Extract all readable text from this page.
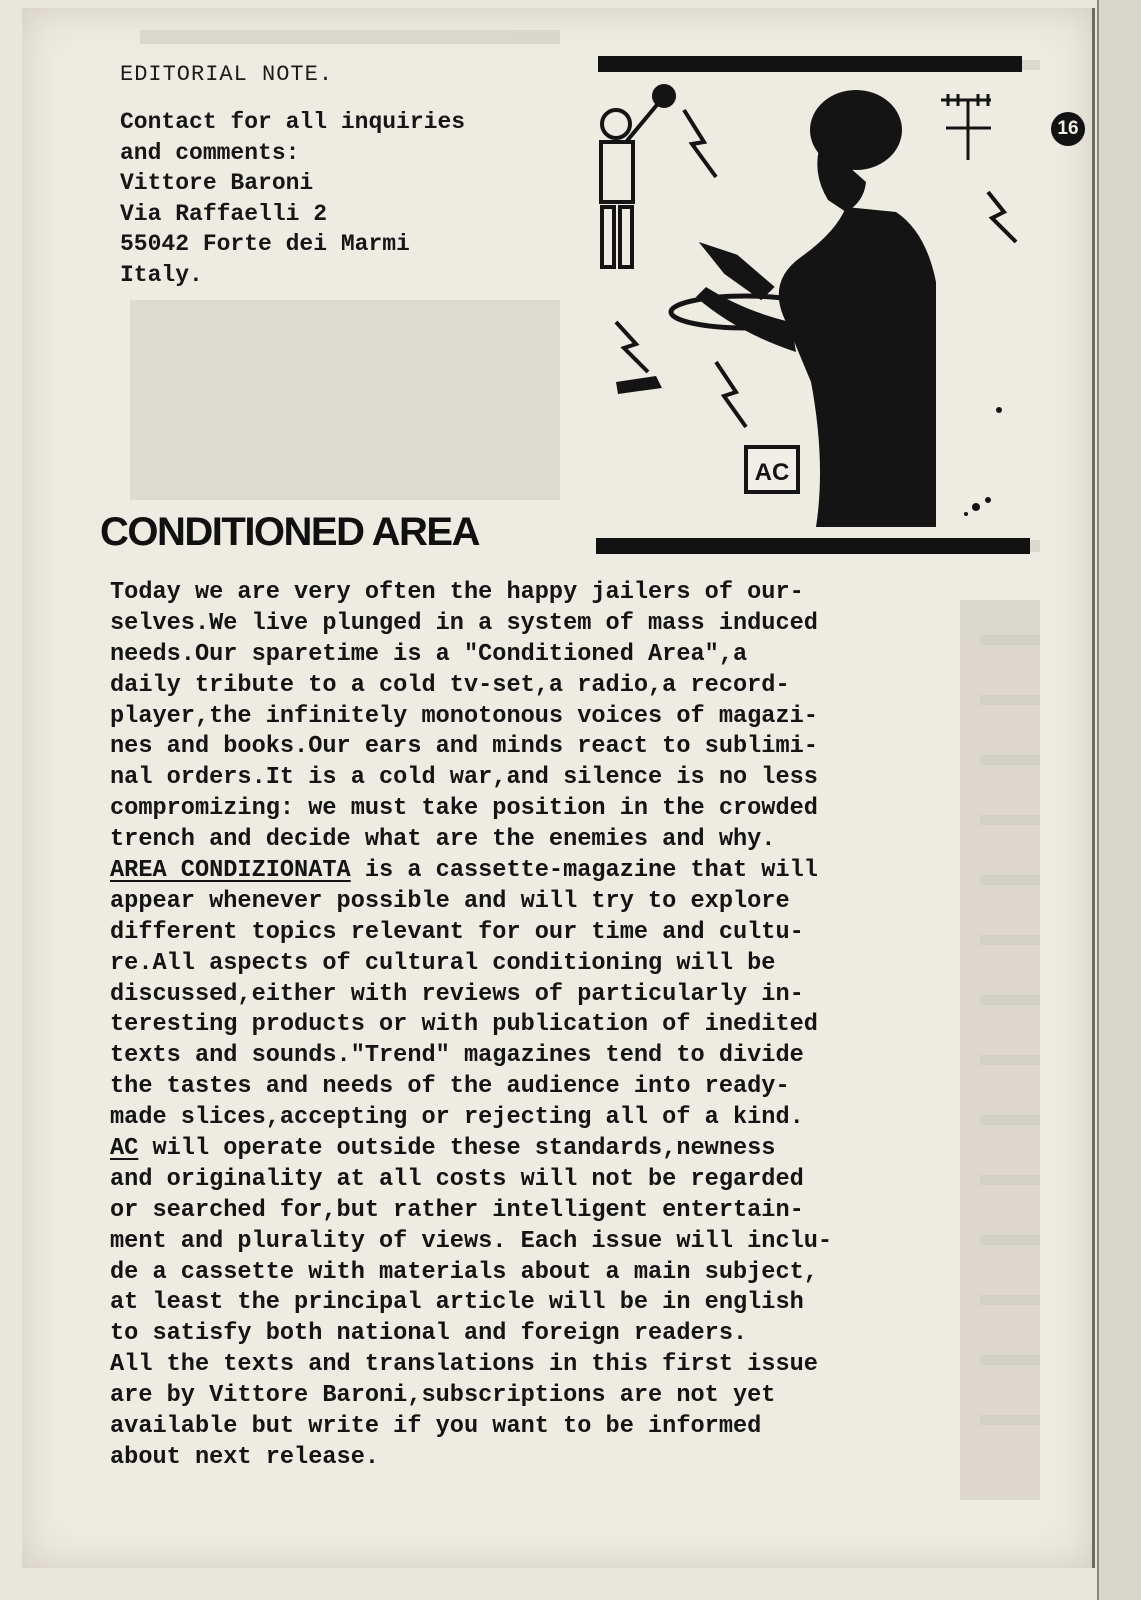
EDITORIAL NOTE.
Contact for all inquiries
and comments:
Vittore Baroni
Via Raffaelli 2
55042 Forte dei Marmi
Italy.
16
AC
CONDITIONED AREA
Today we are very often the happy jailers of our-
selves.We live plunged in a system of mass induced
needs.Our sparetime is a "Conditioned Area",a
daily tribute to a cold tv-set,a radio,a record-
player,the infinitely monotonous voices of magazi-
nes and books.Our ears and minds react to sublimi-
nal orders.It is a cold war,and silence is no less
compromizing: we must take position in the crowded
trench and decide what are the enemies and why.
AREA CONDIZIONATA is a cassette-magazine that will
appear whenever possible and will try to explore
different topics relevant for our time and cultu-
re.All aspects of cultural conditioning will be
discussed,either with reviews of particularly in-
teresting products or with publication of inedited
texts and sounds."Trend" magazines tend to divide
the tastes and needs of the audience into ready-
made slices,accepting or rejecting all of a kind.
AC will operate outside these standards,newness
and originality at all costs will not be regarded
or searched for,but rather intelligent entertain-
ment and plurality of views. Each issue will inclu-
de a cassette with materials about a main subject,
at least the principal article will be in english
to satisfy both national and foreign readers.
All the texts and translations in this first issue
are by Vittore Baroni,subscriptions are not yet
available but write if you want to be informed
about next release.
